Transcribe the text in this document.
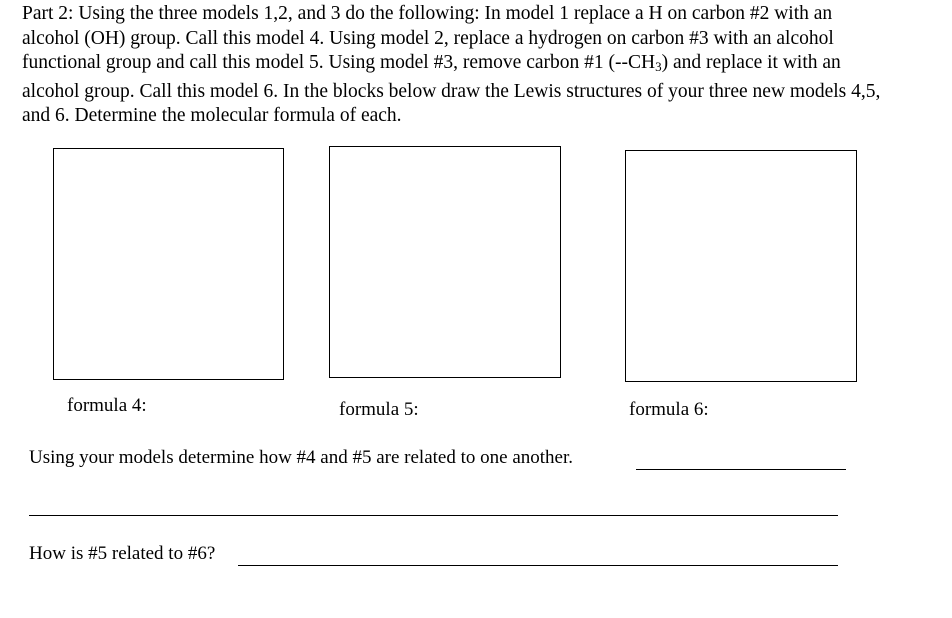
Part 2: Using the three models 1,2, and 3 do the following: In model 1 replace a H on carbon #2 with an
alcohol (OH) group. Call this model 4. Using model 2, replace a hydrogen on carbon #3 with an alcohol
functional group and call this model 5. Using model #3, remove carbon #1 $(--CH_3)$ and replace it with an
alcohol group. Call this model 6. In the blocks below draw the Lewis structures of your three new models 4,5,
and 6. Determine the molecular formula of each.
formula 4:	formula 5:	formula 6:
Using your models determine how #4 and #5 are related to one another.
How is #5 related to #6?
